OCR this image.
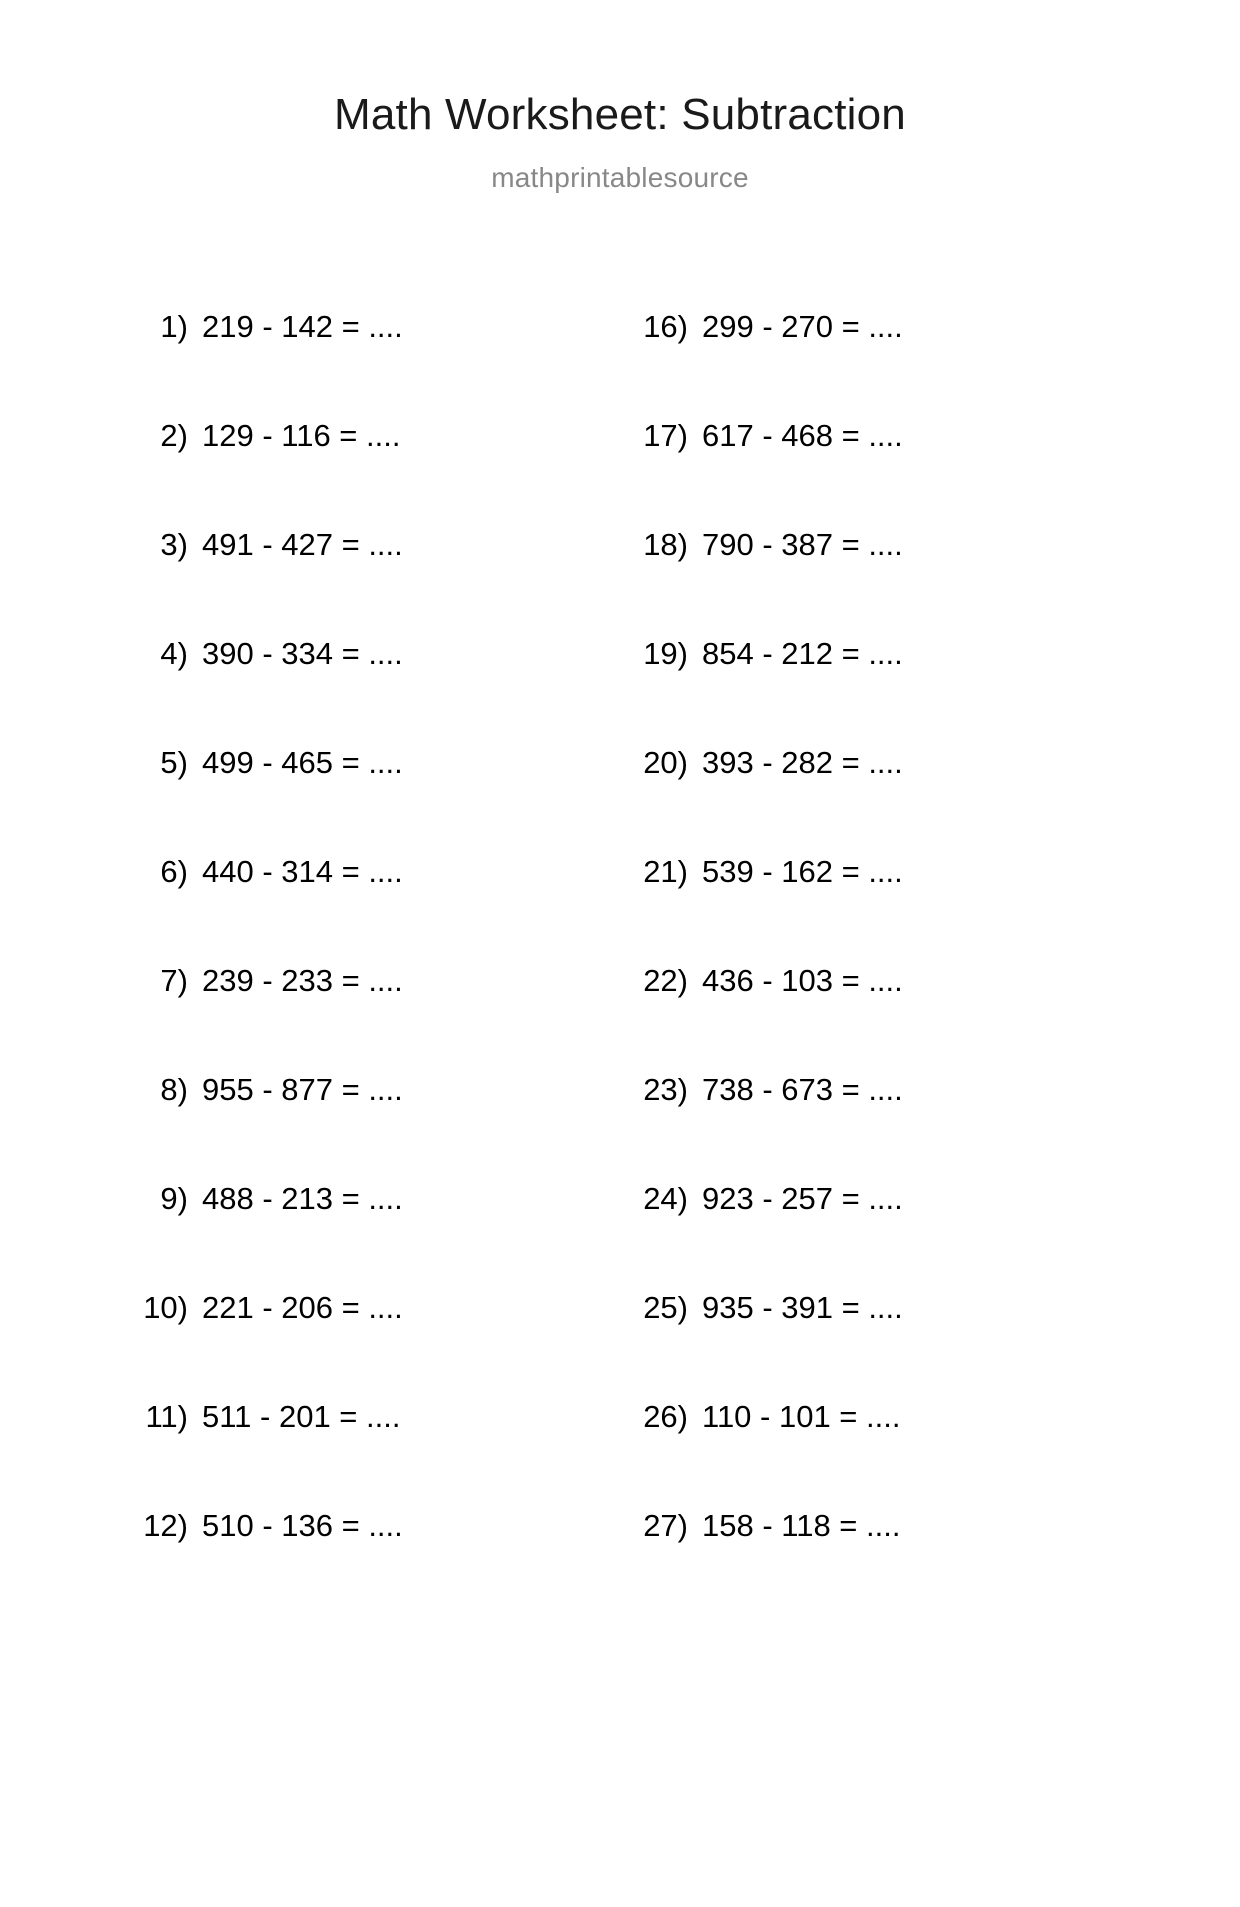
Math Worksheet: Subtraction
mathprintablesource
1) 219 - 142 = ....
2) 129 - 116 = ....
3) 491 - 427 = ....
4) 390 - 334 = ....
5) 499 - 465 = ....
6) 440 - 314 = ....
7) 239 - 233 = ....
8) 955 - 877 = ....
9) 488 - 213 = ....
10) 221 - 206 = ....
11) 511 - 201 = ....
12) 510 - 136 = ....
16) 299 - 270 = ....
17) 617 - 468 = ....
18) 790 - 387 = ....
19) 854 - 212 = ....
20) 393 - 282 = ....
21) 539 - 162 = ....
22) 436 - 103 = ....
23) 738 - 673 = ....
24) 923 - 257 = ....
25) 935 - 391 = ....
26) 110 - 101 = ....
27) 158 - 118 = ....
